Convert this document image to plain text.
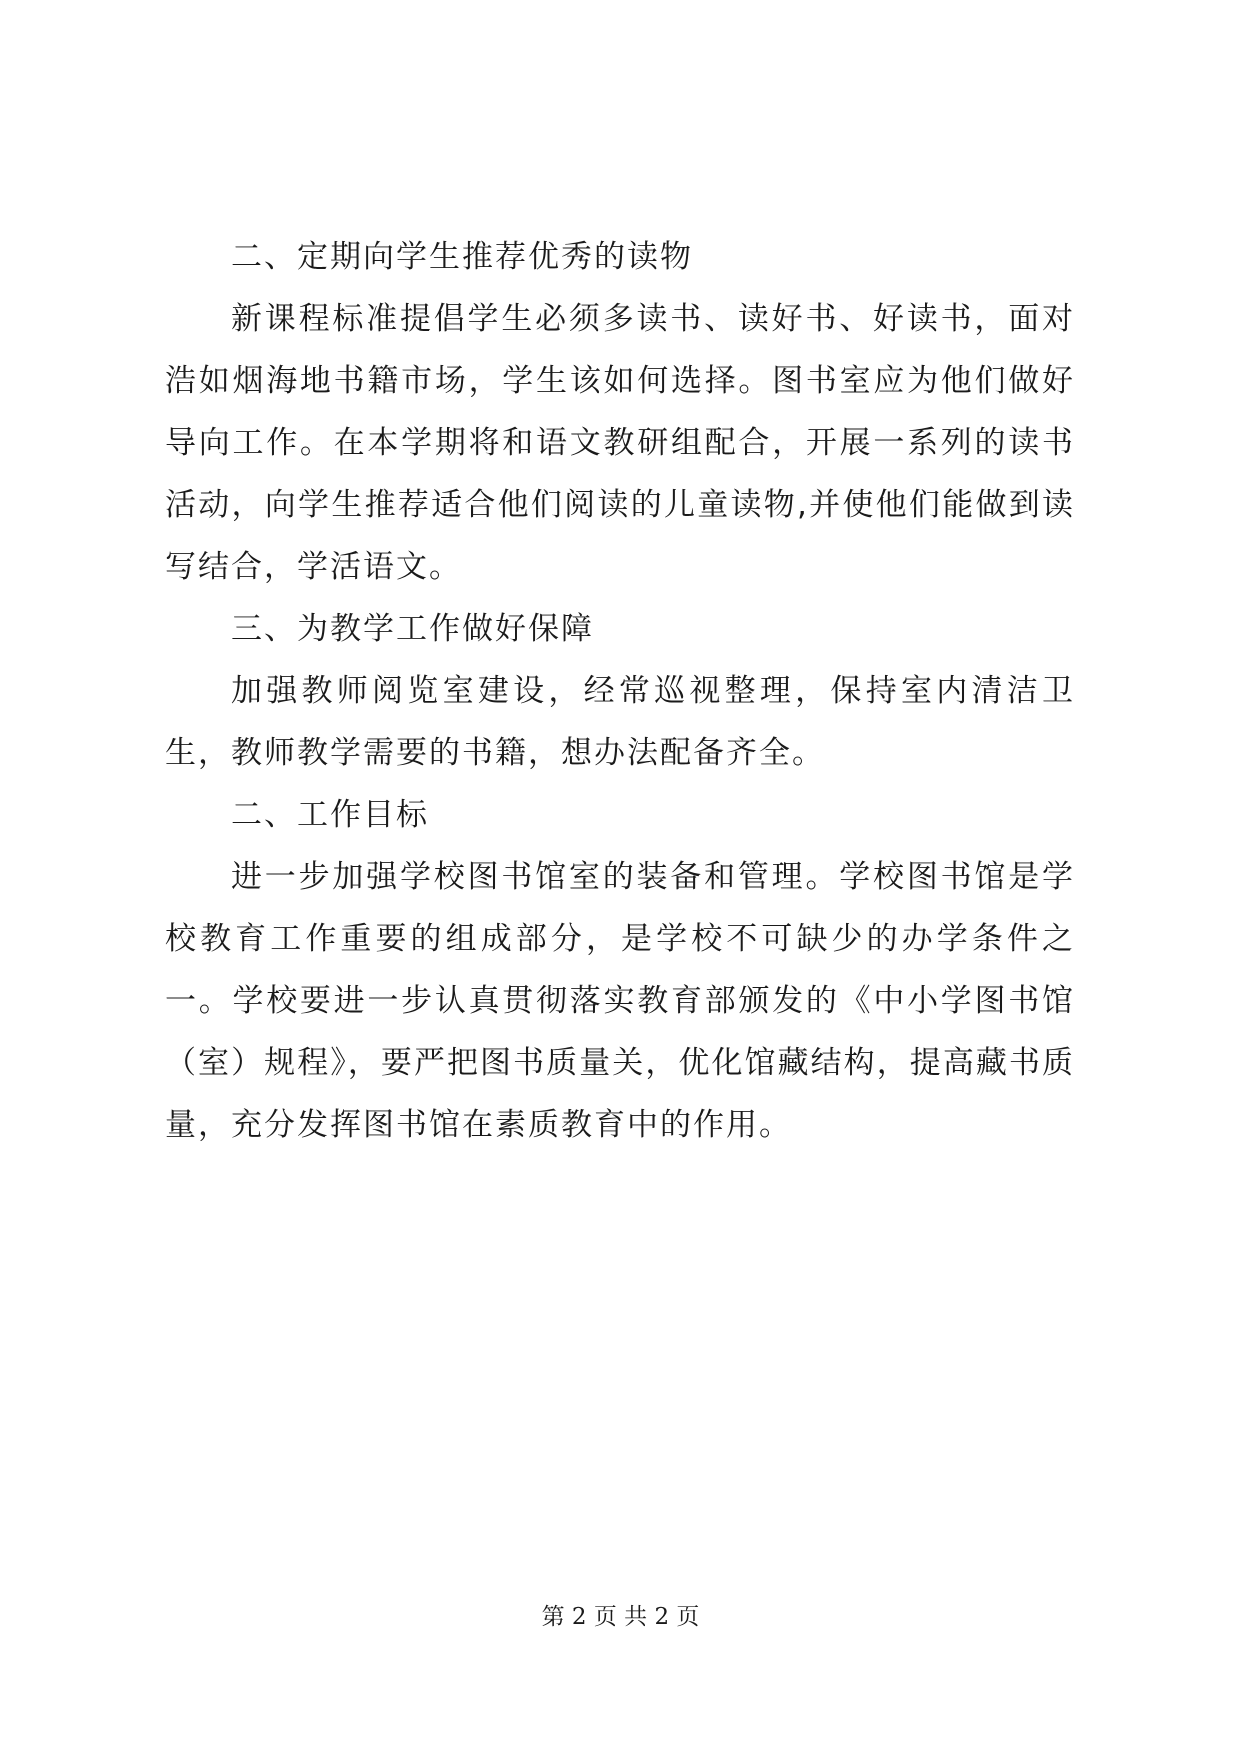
二、定期向学生推荐优秀的读物

新课程标准提倡学生必须多读书、读好书、好读书，面对浩如烟海地书籍市场，学生该如何选择。图书室应为他们做好导向工作。在本学期将和语文教研组配合，开展一系列的读书活动，向学生推荐适合他们阅读的儿童读物,并使他们能做到读写结合，学活语文。

三、为教学工作做好保障

加强教师阅览室建设，经常巡视整理，保持室内清洁卫生，教师教学需要的书籍，想办法配备齐全。

二、工作目标

进一步加强学校图书馆室的装备和管理。学校图书馆是学校教育工作重要的组成部分，是学校不可缺少的办学条件之一。学校要进一步认真贯彻落实教育部颁发的《中小学图书馆（室）规程》，要严把图书质量关，优化馆藏结构，提高藏书质量，充分发挥图书馆在素质教育中的作用。

第 2 页 共 2 页
